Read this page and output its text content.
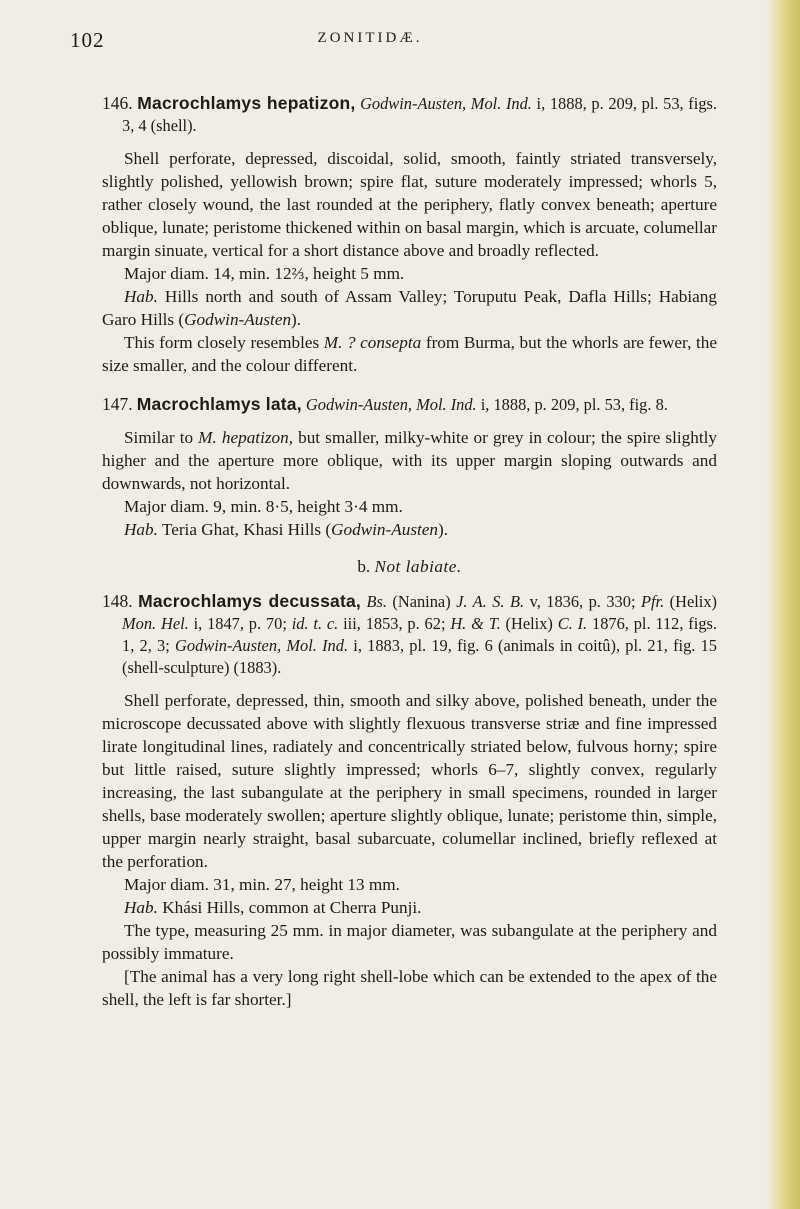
102	ZONITIDÆ.

146. Macrochlamys hepatizon, Godwin-Austen, Mol. Ind. i, 1888, p. 209, pl. 53, figs. 3, 4 (shell).

Shell perforate, depressed, discoidal, solid, smooth, faintly striated transversely, slightly polished, yellowish brown; spire flat, suture moderately impressed; whorls 5, rather closely wound, the last rounded at the periphery, flatly convex beneath; aperture oblique, lunate; peristome thickened within on basal margin, which is arcuate, columellar margin sinuate, vertical for a short distance above and broadly reflected.

Major diam. 14, min. 12⅔, height 5 mm.

Hab. Hills north and south of Assam Valley; Toruputu Peak, Dafla Hills; Habiang Garo Hills (Godwin-Austen).

This form closely resembles M. ? consepta from Burma, but the whorls are fewer, the size smaller, and the colour different.

147. Macrochlamys lata, Godwin-Austen, Mol. Ind. i, 1888, p. 209, pl. 53, fig. 8.

Similar to M. hepatizon, but smaller, milky-white or grey in colour; the spire slightly higher and the aperture more oblique, with its upper margin sloping outwards and downwards, not horizontal.

Major diam. 9, min. 8·5, height 3·4 mm.

Hab. Teria Ghat, Khasi Hills (Godwin-Austen).

b. Not labiate.

148. Macrochlamys decussata, Bs. (Nanina) J. A. S. B. v, 1836, p. 330; Pfr. (Helix) Mon. Hel. i, 1847, p. 70; id. t. c. iii, 1853, p. 62; H. & T. (Helix) C. I. 1876, pl. 112, figs. 1, 2, 3; Godwin-Austen, Mol. Ind. i, 1883, pl. 19, fig. 6 (animals in coitû), pl. 21, fig. 15 (shell-sculpture) (1883).

Shell perforate, depressed, thin, smooth and silky above, polished beneath, under the microscope decussated above with slightly flexuous transverse striæ and fine impressed lirate longitudinal lines, radiately and concentrically striated below, fulvous horny; spire but little raised, suture slightly impressed; whorls 6–7, slightly convex, regularly increasing, the last subangulate at the periphery in small specimens, rounded in larger shells, base moderately swollen; aperture slightly oblique, lunate; peristome thin, simple, upper margin nearly straight, basal subarcuate, columellar inclined, briefly reflexed at the perforation.

Major diam. 31, min. 27, height 13 mm.

Hab. Khási Hills, common at Cherra Punji.

The type, measuring 25 mm. in major diameter, was subangulate at the periphery and possibly immature.

[The animal has a very long right shell-lobe which can be extended to the apex of the shell, the left is far shorter.]
